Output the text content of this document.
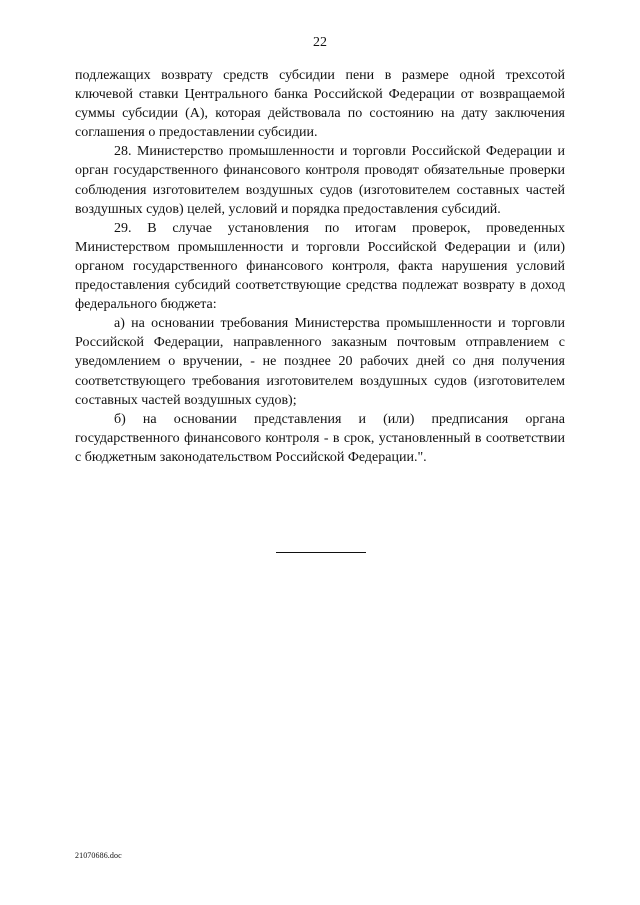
22

подлежащих возврату средств субсидии пени в размере одной трехсотой ключевой ставки Центрального банка Российской Федерации от возвращаемой суммы субсидии (А), которая действовала по состоянию на дату заключения соглашения о предоставлении субсидии.

28. Министерство промышленности и торговли Российской Федерации и орган государственного финансового контроля проводят обязательные проверки соблюдения изготовителем воздушных судов (изготовителем составных частей воздушных судов) целей, условий и порядка предоставления субсидий.

29. В случае установления по итогам проверок, проведенных Министерством промышленности и торговли Российской Федерации и (или) органом государственного финансового контроля, факта нарушения условий предоставления субсидий соответствующие средства подлежат возврату в доход федерального бюджета:

а) на основании требования Министерства промышленности и торговли Российской Федерации, направленного заказным почтовым отправлением с уведомлением о вручении, - не позднее 20 рабочих дней со дня получения соответствующего требования изготовителем воздушных судов (изготовителем составных частей воздушных судов);

б) на основании представления и (или) предписания органа государственного финансового контроля - в срок, установленный в соответствии с бюджетным законодательством Российской Федерации.".

21070686.doc
